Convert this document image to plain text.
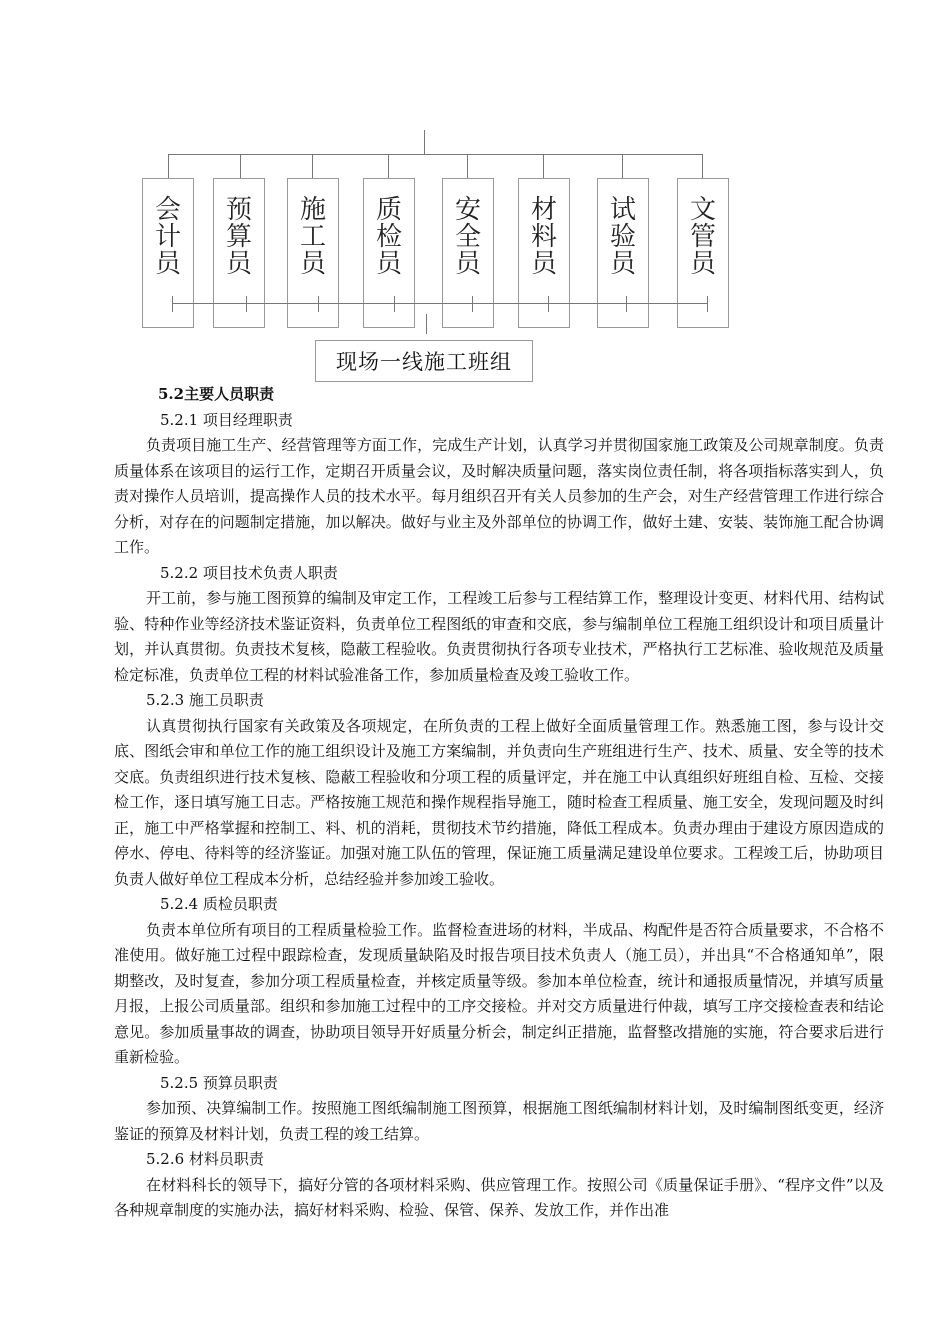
会
计
员
预
算
员
施
工
员
质
检
员
安
全
员
材
料
员
试
验
员
文
管
员
现场一线施工班组

5.2主要人员职责

5.2.1 项目经理职责

负责项目施工生产、经营管理等方面工作，完成生产计划，认真学习并贯彻国家施工政策及公司规章制度。负责质量体系在该项目的运行工作，定期召开质量会议，及时解决质量问题，落实岗位责任制，将各项指标落实到人，负责对操作人员培训，提高操作人员的技术水平。每月组织召开有关人员参加的生产会，对生产经营管理工作进行综合分析，对存在的问题制定措施，加以解决。做好与业主及外部单位的协调工作，做好土建、安装、装饰施工配合协调工作。

5.2.2 项目技术负责人职责

开工前，参与施工图预算的编制及审定工作，工程竣工后参与工程结算工作，整理设计变更、材料代用、结构试验、特种作业等经济技术鉴证资料，负责单位工程图纸的审查和交底，参与编制单位工程施工组织设计和项目质量计划，并认真贯彻。负责技术复核，隐蔽工程验收。负责贯彻执行各项专业技术，严格执行工艺标准、验收规范及质量检定标准，负责单位工程的材料试验准备工作，参加质量检查及竣工验收工作。

5.2.3 施工员职责

认真贯彻执行国家有关政策及各项规定，在所负责的工程上做好全面质量管理工作。熟悉施工图，参与设计交底、图纸会审和单位工作的施工组织设计及施工方案编制，并负责向生产班组进行生产、技术、质量、安全等的技术交底。负责组织进行技术复核、隐蔽工程验收和分项工程的质量评定，并在施工中认真组织好班组自检、互检、交接检工作，逐日填写施工日志。严格按施工规范和操作规程指导施工，随时检查工程质量、施工安全，发现问题及时纠正，施工中严格掌握和控制工、料、机的消耗，贯彻技术节约措施，降低工程成本。负责办理由于建设方原因造成的停水、停电、待料等的经济鉴证。加强对施工队伍的管理，保证施工质量满足建设单位要求。工程竣工后，协助项目负责人做好单位工程成本分析，总结经验并参加竣工验收。

5.2.4 质检员职责

负责本单位所有项目的工程质量检验工作。监督检查进场的材料，半成品、构配件是否符合质量要求，不合格不准使用。做好施工过程中跟踪检查，发现质量缺陷及时报告项目技术负责人（施工员），并出具“不合格通知单”，限期整改，及时复查，参加分项工程质量检查，并核定质量等级。参加本单位检查，统计和通报质量情况，并填写质量月报，上报公司质量部。组织和参加施工过程中的工序交接检。并对交方质量进行仲裁，填写工序交接检查表和结论意见。参加质量事故的调查，协助项目领导开好质量分析会，制定纠正措施，监督整改措施的实施，符合要求后进行重新检验。

5.2.5 预算员职责

参加预、决算编制工作。按照施工图纸编制施工图预算，根据施工图纸编制材料计划，及时编制图纸变更，经济鉴证的预算及材料计划，负责工程的竣工结算。

5.2.6 材料员职责

在材料科长的领导下，搞好分管的各项材料采购、供应管理工作。按照公司《质量保证手册》、“程序文件”以及各种规章制度的实施办法，搞好材料采购、检验、保管、保养、发放工作，并作出准
